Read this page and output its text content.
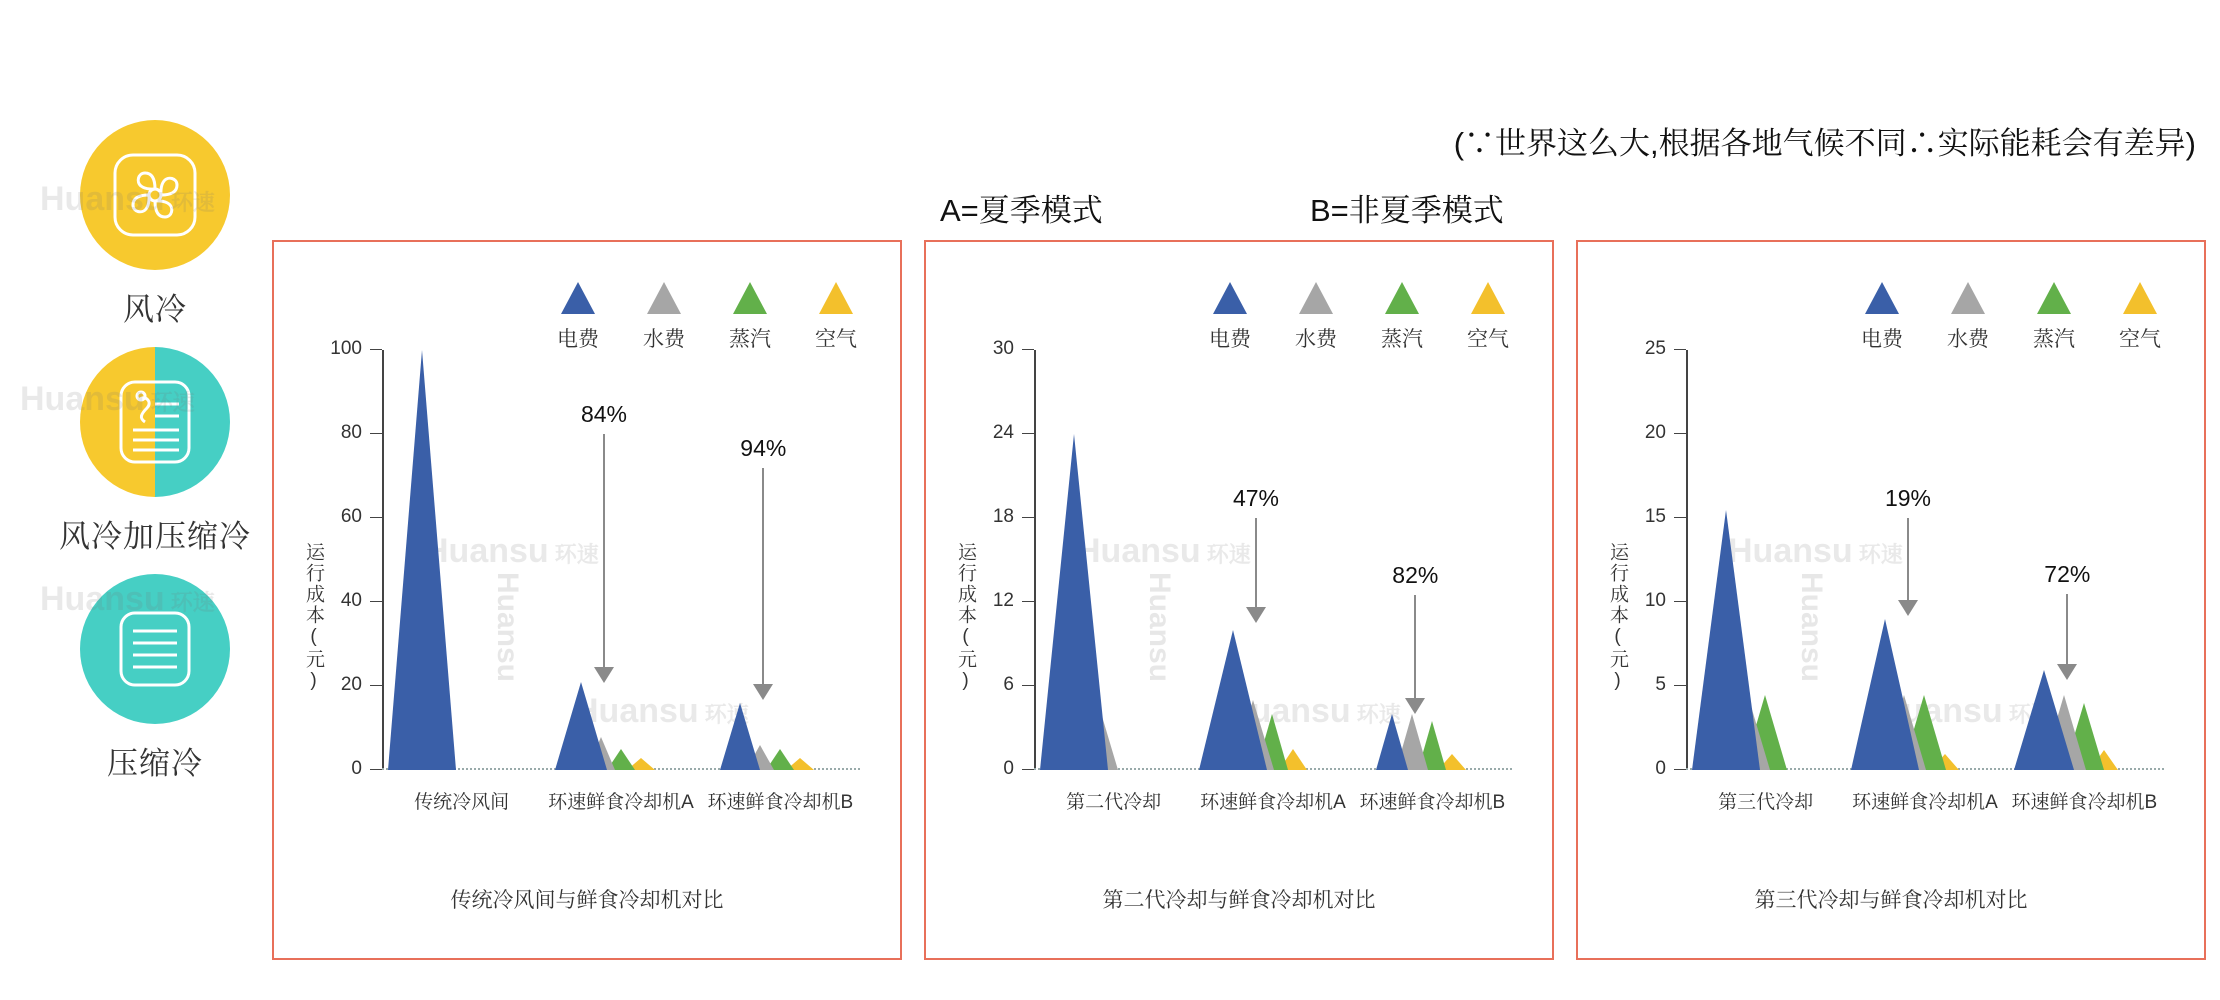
(∵世界这么大,根据各地气候不同∴实际能耗会有差异)
A=夏季模式	B=非夏季模式
风冷
风冷加压缩冷
压缩冷
电费 水费 蒸汽 空气
运行成本(元)
0
20
40
60
80
100
传统冷风间 环速鲜食冷却机A 环速鲜食冷却机B
84%
94%
传统冷风间与鲜食冷却机对比
Huansu 环速
Huansu 环速
Huansu
电费 水费 蒸汽 空气
运行成本(元)
0
6
12
18
24
30
第二代冷却 环速鲜食冷却机A 环速鲜食冷却机B
47%
82%
第二代冷却与鲜食冷却机对比
Huansu 环速
Huansu 环速
Huansu
电费 水费 蒸汽 空气
运行成本(元)
0
5
10
15
20
25
第三代冷却 环速鲜食冷却机A 环速鲜食冷却机B
19%
72%
第三代冷却与鲜食冷却机对比
Huansu 环速
Huansu 环速
Huansu
